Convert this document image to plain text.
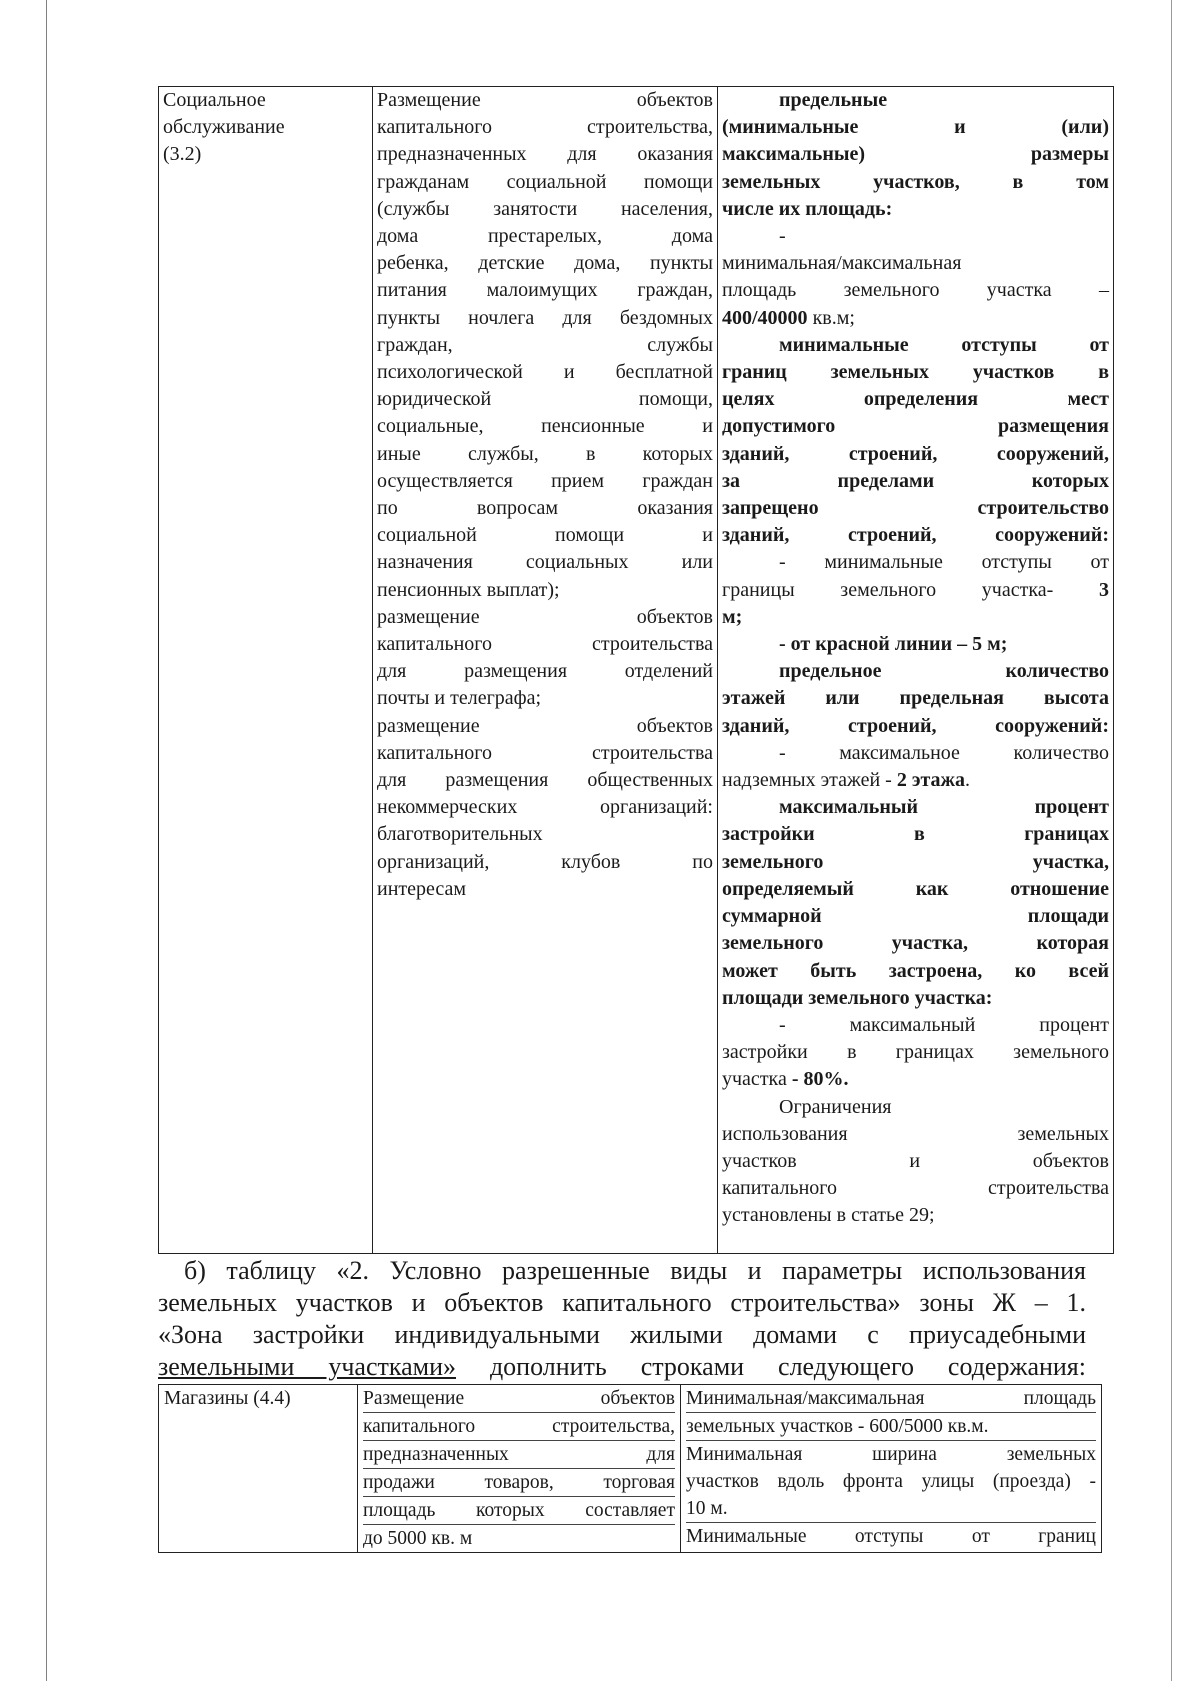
Социальное
обслуживание
(3.2)

Размещение объектов
капитального строительства,
предназначенных для оказания
гражданам социальной помощи
(службы занятости населения,
дома престарелых, дома
ребенка, детские дома, пункты
питания малоимущих граждан,
пункты ночлега для бездомных
граждан, службы
психологической и бесплатной
юридической помощи,
социальные, пенсионные и
иные службы, в которых
осуществляется прием граждан
по вопросам оказания
социальной помощи и
назначения социальных или
пенсионных выплат);
размещение объектов
капитального строительства
для размещения отделений
почты и телеграфа;
размещение объектов
капитального строительства
для размещения общественных
некоммерческих организаций:
благотворительных
организаций, клубов по
интересам

предельные
(минимальные и (или)
максимальные) размеры
земельных участков, в том
числе их площадь:
-
минимальная/максимальная
площадь земельного участка –
400/40000 кв.м;
минимальные отступы от
границ земельных участков в
целях определения мест
допустимого размещения
зданий, строений, сооружений,
за пределами которых
запрещено строительство
зданий, строений, сооружений:
- минимальные отступы от
границы земельного участка- 3
м;
- от красной линии – 5 м;
предельное количество
этажей или предельная высота
зданий, строений, сооружений:
- максимальное количество
надземных этажей - 2 этажа.
максимальный процент
застройки в границах
земельного участка,
определяемый как отношение
суммарной площади
земельного участка, которая
может быть застроена, ко всей
площади земельного участка:
- максимальный процент
застройки в границах земельного
участка - 80%.
Ограничения
использования земельных
участков и объектов
капитального строительства
установлены в статье 29;
б) таблицу «2. Условно разрешенные виды и параметры использования
земельных участков и объектов капитального строительства» зоны Ж – 1.
«Зона застройки индивидуальными жилыми домами с приусадебными
земельными участками» дополнить строками следующего содержания:
Магазины (4.4)	Размещение объектов
капитального строительства,
предназначенных для
продажи товаров, торговая
площадь которых составляет
до 5000 кв. м

Минимальная/максимальная площадь
земельных участков - 600/5000 кв.м.
Минимальная ширина земельных
участков вдоль фронта улицы (проезда) -
10 м.
Минимальные отступы от границ
